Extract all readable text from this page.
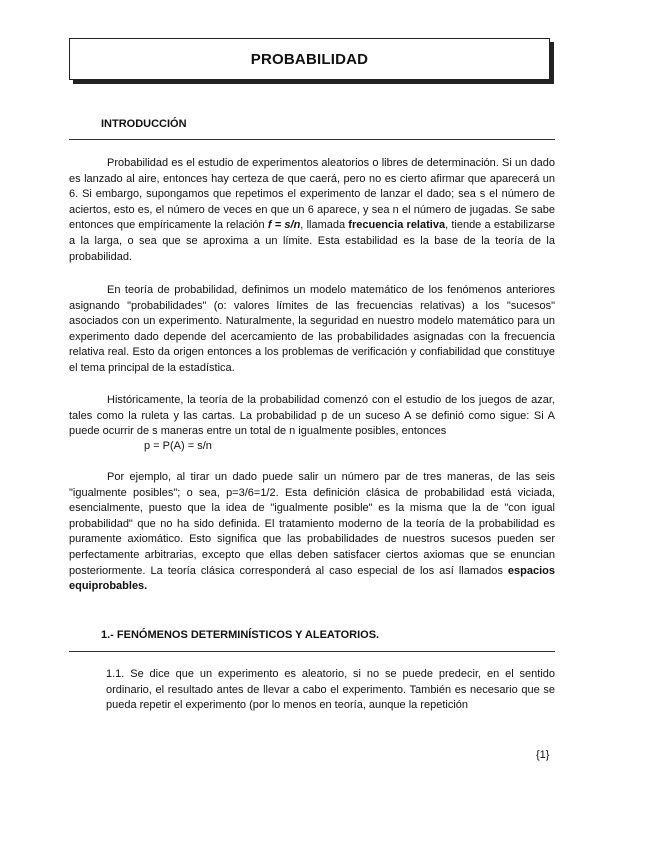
PROBABILIDAD
INTRODUCCIÓN

Probabilidad es el estudio de experimentos aleatorios o libres de determinación. Si un dado es lanzado al aire, entonces hay certeza de que caerá, pero no es cierto afirmar que aparecerá un 6. Si embargo, supongamos que repetimos el experimento de lanzar el dado; sea s el número de aciertos, esto es, el número de veces en que un 6 aparece, y sea n el número de jugadas. Se sabe entonces que empíricamente la relación f = s/n, llamada frecuencia relativa, tiende a estabilizarse a la larga, o sea que se aproxima a un límite. Esta estabilidad es la base de la teoría de la probabilidad.

En teoría de probabilidad, definimos un modelo matemático de los fenómenos anteriores asignando "probabilidades" (o: valores límites de las frecuencias relativas) a los "sucesos" asociados con un experimento. Naturalmente, la seguridad en nuestro modelo matemático para un experimento dado depende del acercamiento de las probabilidades asignadas con la frecuencia relativa real. Esto da origen entonces a los problemas de verificación y confiabilidad que constituye el tema principal de la estadística.

Históricamente, la teoría de la probabilidad comenzó con el estudio de los juegos de azar, tales como la ruleta y las cartas. La probabilidad p de un suceso A se definió como sigue: Si A puede ocurrir de s maneras entre un total de n igualmente posibles, entonces

p = P(A) = s/n

Por ejemplo, al tirar un dado puede salir un número par de tres maneras, de las seis "igualmente posibles"; o sea, p=3/6=1/2. Esta definición clásica de probabilidad está viciada, esencialmente, puesto que la idea de "igualmente posible" es la misma que la de "con igual probabilidad" que no ha sido definida. El tratamiento moderno de la teoría de la probabilidad es puramente axiomático. Esto significa que las probabilidades de nuestros sucesos pueden ser perfectamente arbitrarias, excepto que ellas deben satisfacer ciertos axiomas que se enuncian posteriormente. La teoría clásica corresponderá al caso especial de los así llamados espacios equiprobables.

1.- FENÓMENOS DETERMINÍSTICOS Y ALEATORIOS.

1.1. Se dice que un experimento es aleatorio, si no se puede predecir, en el sentido ordinario, el resultado antes de llevar a cabo el experimento. También es necesario que se pueda repetir el experimento (por lo menos en teoría, aunque la repetición

{1}
